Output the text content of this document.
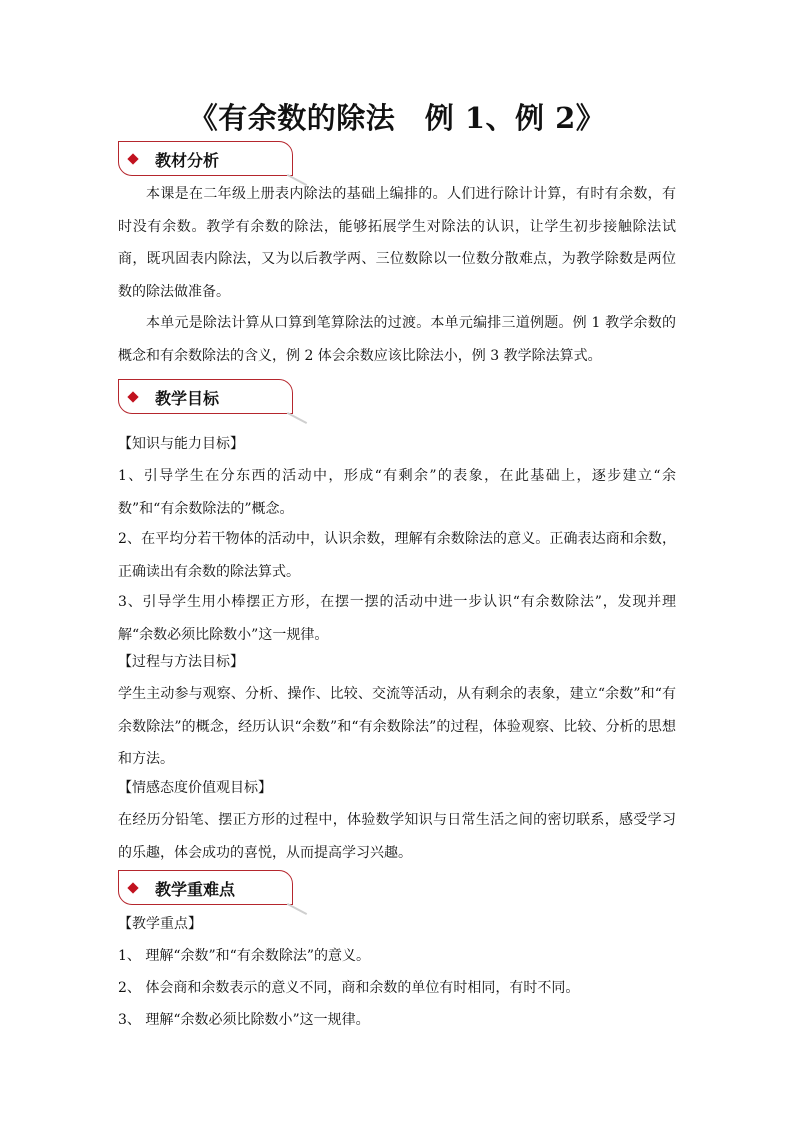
《有余数的除法　例 1、例 2》
教材分析

本课是在二年级上册表内除法的基础上编排的。人们进行除计计算，有时有余数，有时没有余数。教学有余数的除法，能够拓展学生对除法的认识，让学生初步接触除法试商，既巩固表内除法，又为以后教学两、三位数除以一位数分散难点，为教学除数是两位数的除法做准备。

本单元是除法计算从口算到笔算除法的过渡。本单元编排三道例题。例 1 教学余数的概念和有余数除法的含义，例 2 体会余数应该比除法小，例 3 教学除法算式。

教学目标

【知识与能力目标】

1、引导学生在分东西的活动中，形成“有剩余”的表象，在此基础上，逐步建立“余数”和“有余数除法的”概念。

2、在平均分若干物体的活动中，认识余数，理解有余数除法的意义。正确表达商和余数，正确读出有余数的除法算式。

3、引导学生用小棒摆正方形，在摆一摆的活动中进一步认识“有余数除法”，发现并理解“余数必须比除数小”这一规律。

【过程与方法目标】

学生主动参与观察、分析、操作、比较、交流等活动，从有剩余的表象，建立“余数”和“有余数除法”的概念，经历认识“余数”和“有余数除法”的过程，体验观察、比较、分析的思想和方法。

【情感态度价值观目标】

在经历分铅笔、摆正方形的过程中，体验数学知识与日常生活之间的密切联系，感受学习的乐趣，体会成功的喜悦，从而提高学习兴趣。

教学重难点

【教学重点】

1、 理解“余数”和“有余数除法”的意义。

2、 体会商和余数表示的意义不同，商和余数的单位有时相同，有时不同。

3、 理解“余数必须比除数小”这一规律。
